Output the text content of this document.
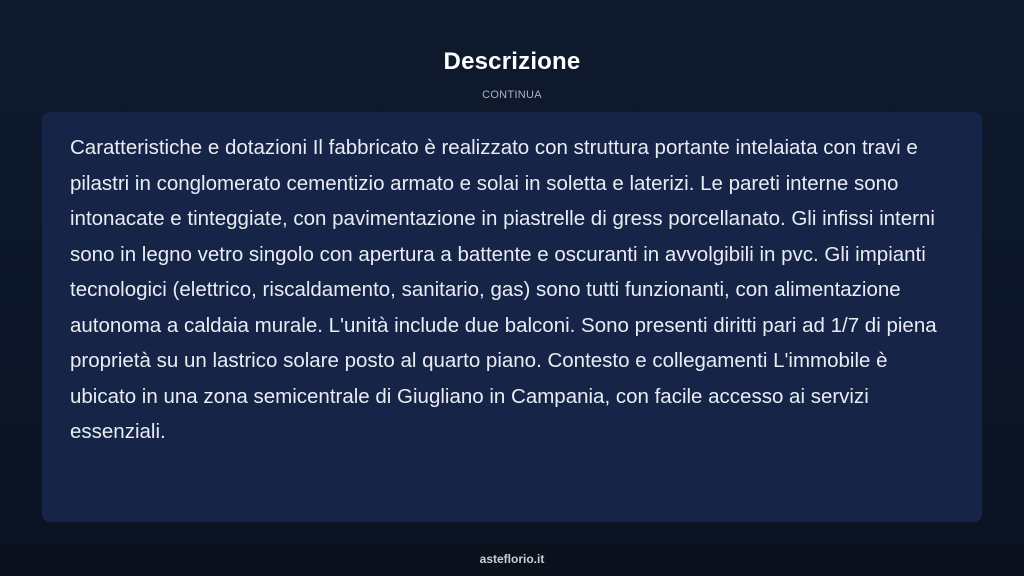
Descrizione
CONTINUA

Caratteristiche e dotazioni Il fabbricato è realizzato con struttura portante intelaiata con travi e pilastri in conglomerato cementizio armato e solai in soletta e laterizi. Le pareti interne sono intonacate e tinteggiate, con pavimentazione in piastrelle di gress porcellanato. Gli infissi interni sono in legno vetro singolo con apertura a battente e oscuranti in avvolgibili in pvc. Gli impianti tecnologici (elettrico, riscaldamento, sanitario, gas) sono tutti funzionanti, con alimentazione autonoma a caldaia murale. L'unità include due balconi. Sono presenti diritti pari ad 1/7 di piena proprietà su un lastrico solare posto al quarto piano. Contesto e collegamenti L'immobile è ubicato in una zona semicentrale di Giugliano in Campania, con facile accesso ai servizi essenziali.

asteflorio.it
